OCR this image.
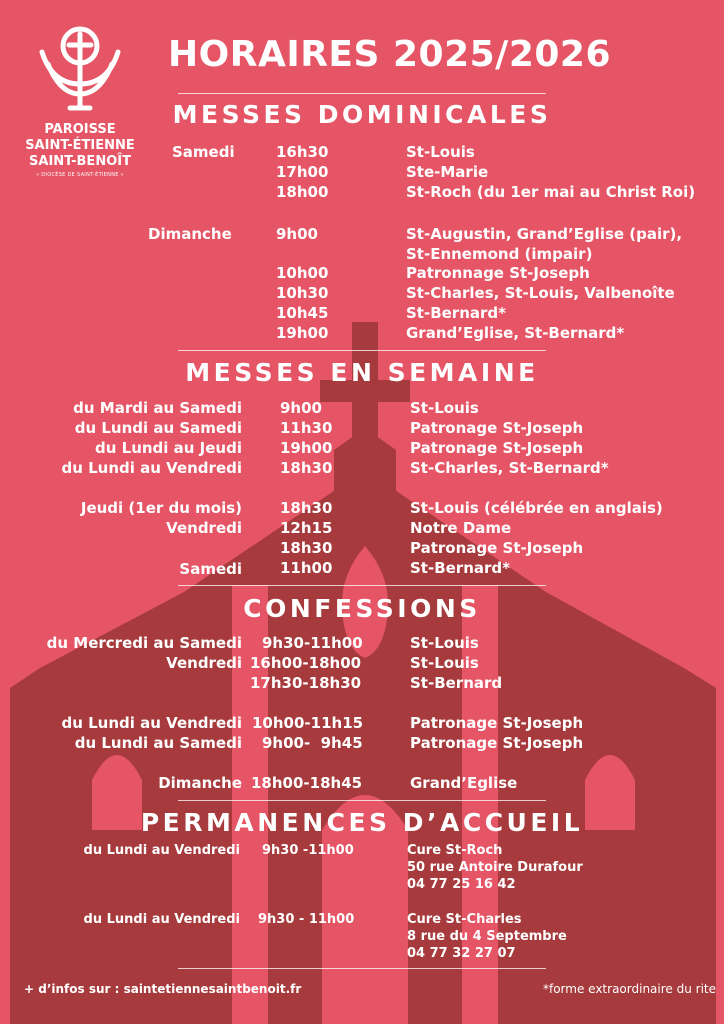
PAROISSE
SAINT-ÉTIENNE
SAINT-BENOÎT
« DIOCÈSE DE SAINT-ÉTIENNE »
HORAIRES 2025/2026
MESSES DOMINICALES
Samedi	16h30	St-Louis
17h00	Ste-Marie
18h00	St-Roch (du 1er mai au Christ Roi)
Dimanche	9h00	St-Augustin, Grand’Eglise (pair),
St-Ennemond (impair)
10h00	Patronnage St-Joseph
10h30	St-Charles, St-Louis, Valbenoîte
10h45	St-Bernard*
19h00	Grand’Eglise, St-Bernard*
MESSES EN SEMAINE
du Mardi au Samedi	9h00	St-Louis
du Lundi au Samedi	11h30	Patronage St-Joseph
du Lundi au Jeudi	19h00	Patronage St-Joseph
du Lundi au Vendredi	18h30	St-Charles, St-Bernard*
Jeudi (1er du mois)	18h30	St-Louis (célébrée en anglais)
Vendredi	12h15	Notre Dame
18h30	Patronage St-Joseph
Samedi	11h00	St-Bernard*
CONFESSIONS
du Mercredi au Samedi 9h30-11h00	St-Louis
Vendredi 16h00-18h00	St-Louis
17h30-18h30	St-Bernard
du Lundi au Vendredi 10h00-11h15	Patronage St-Joseph
du Lundi au Samedi 9h00-  9h45	Patronage St-Joseph
Dimanche 18h00-18h45	Grand’Eglise
PERMANENCES D’ACCUEIL
du Lundi au Vendredi 9h30 -11h00	Cure St-Roch
50 rue Antoire Durafour
04 77 25 16 42
du Lundi au Vendredi 9h30 - 11h00	Cure St-Charles
8 rue du 4 Septembre
04 77 32 27 07
+ d’infos sur : saintetiennesaintbenoit.fr	*forme extraordinaire du rite
